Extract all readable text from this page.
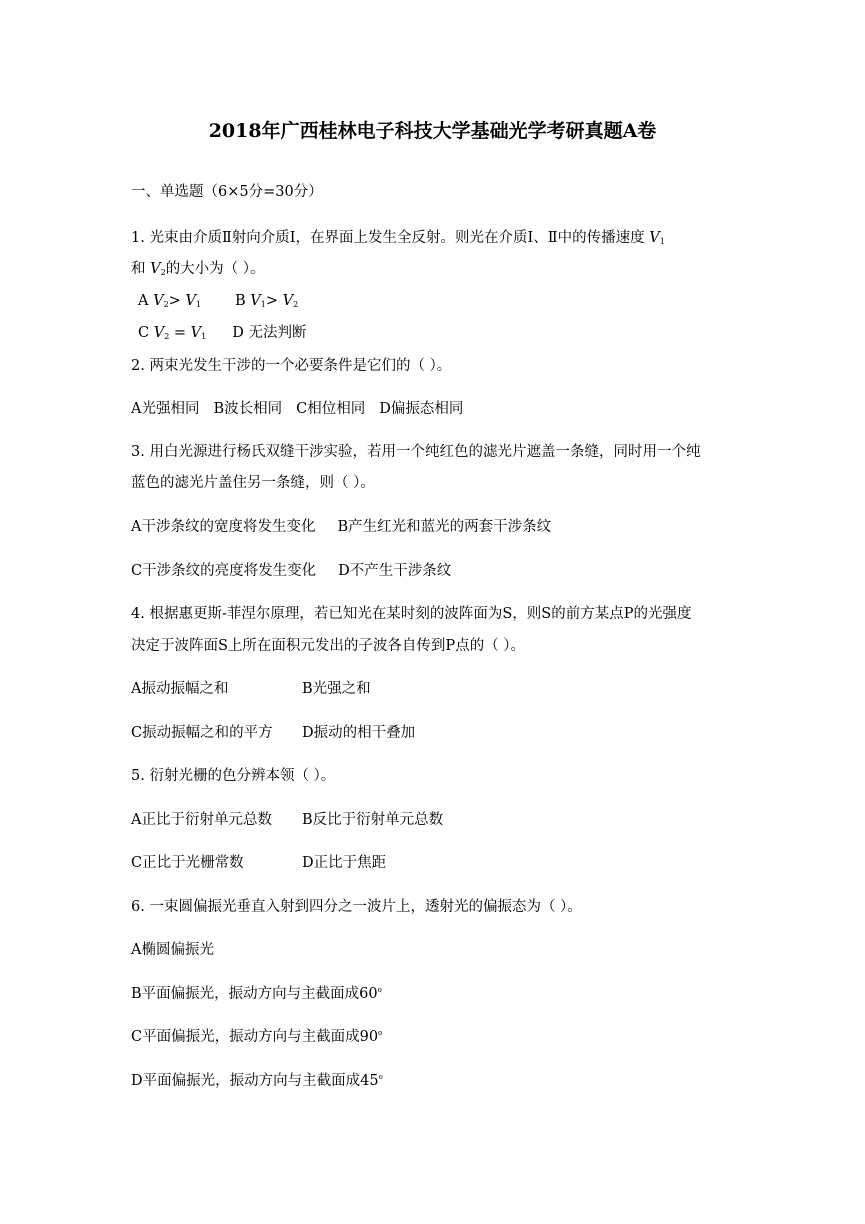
2018年广西桂林电子科技大学基础光学考研真题A卷
一、单选题（6×5分=30分）
1. 光束由介质Ⅱ射向介质Ⅰ，在界面上发生全反射。则光在介质Ⅰ、Ⅱ中的传播速度 $V_1$
和 $V_2$的大小为（ ）。
A $V_2> V_1$ B $V_1> V_2$
C $V_2 = V_1$ D 无法判断
2. 两束光发生干涉的一个必要条件是它们的（ ）。
A光强相同 B波长相同 C相位相同 D偏振态相同
3. 用白光源进行杨氏双缝干涉实验，若用一个纯红色的滤光片遮盖一条缝，同时用一个纯
蓝色的滤光片盖住另一条缝，则（ ）。
A干涉条纹的宽度将发生变化 B产生红光和蓝光的两套干涉条纹
C干涉条纹的亮度将发生变化 D不产生干涉条纹
4. 根据惠更斯-菲涅尔原理，若已知光在某时刻的波阵面为S，则S的前方某点P的光强度
决定于波阵面S上所在面积元发出的子波各自传到P点的（ ）。
A振动振幅之和	B光强之和
C振动振幅之和的平方 D振动的相干叠加
5. 衍射光栅的色分辨本领（ ）。
A正比于衍射单元总数 B反比于衍射单元总数
C正比于光栅常数	D正比于焦距
6. 一束圆偏振光垂直入射到四分之一波片上，透射光的偏振态为（ ）。
A椭圆偏振光
B平面偏振光，振动方向与主截面成60$^o$
C平面偏振光，振动方向与主截面成90$^o$
D平面偏振光，振动方向与主截面成45$^o$
